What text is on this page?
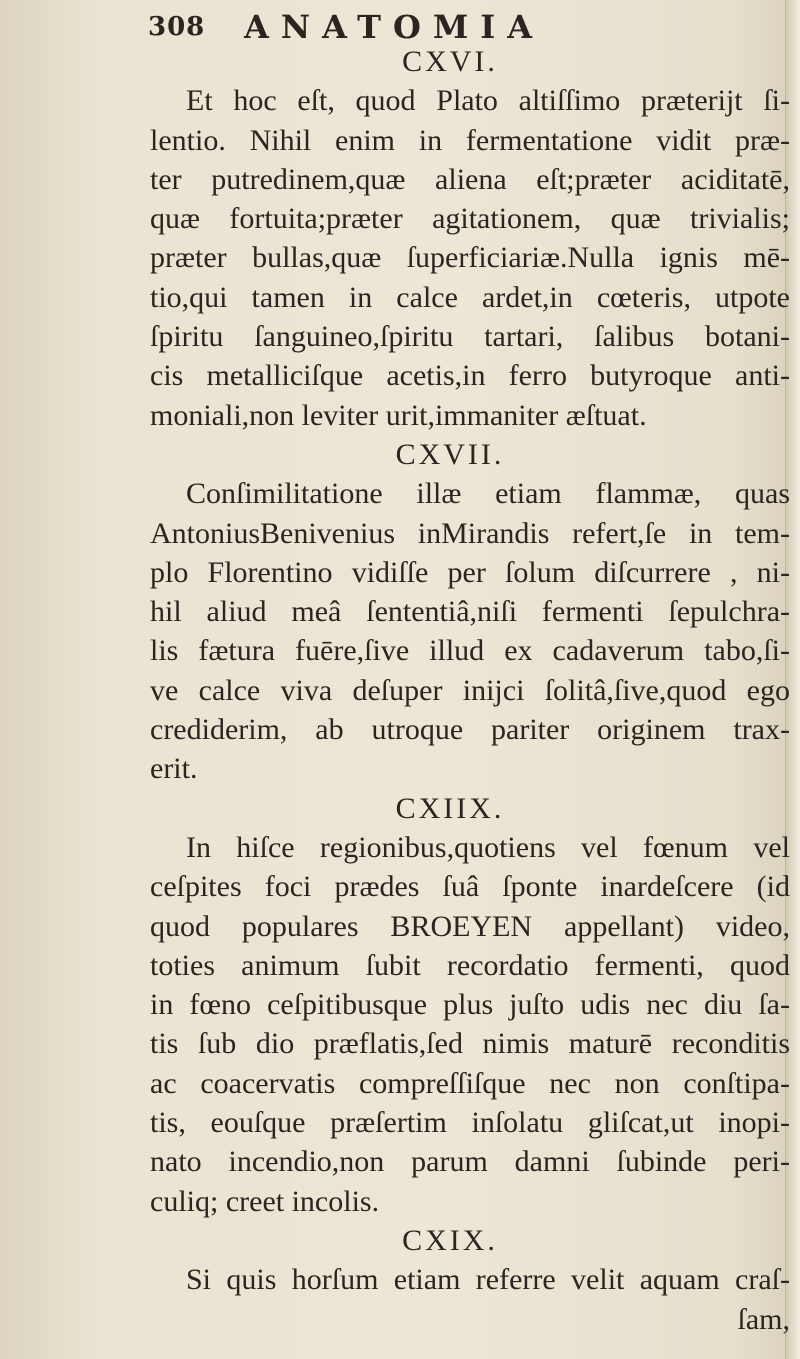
308 ANATOMIA
CXVI.
Et hoc eſt, quod Plato altiſſimo præterijt ſi-
lentio. Nihil enim in fermentatione vidit præ-
ter putredinem,quæ aliena eſt;præter aciditatē,
quæ fortuita;præter agitationem, quæ trivialis;
præter bullas,quæ ſuperficiariæ.Nulla ignis mē-
tio,qui tamen in calce ardet,in cœteris, utpote
ſpiritu ſanguineo,ſpiritu tartari, ſalibus botani-
cis metalliciſque acetis,in ferro butyroque anti-
moniali,non leviter urit,immaniter æſtuat.
CXVII.
Conſimilitatione illæ etiam flammæ, quas
AntoniusBenivenius inMirandis refert,ſe in tem-
plo Florentino vidiſſe per ſolum diſcurrere , ni-
hil aliud meâ ſententiâ,niſi fermenti ſepulchra-
lis fætura fuēre,ſive illud ex cadaverum tabo,ſi-
ve calce viva deſuper inijci ſolitâ,ſive,quod ego
crediderim, ab utroque pariter originem trax-
erit.
CXIIX.
In hiſce regionibus,quotiens vel fœnum vel
ceſpites foci prædes ſuâ ſponte inardeſcere (id
quod populares BROEYEN appellant) video,
toties animum ſubit recordatio fermenti, quod
in fœno ceſpitibusque plus juſto udis nec diu ſa-
tis ſub dio præflatis,ſed nimis maturē reconditis
ac coacervatis compreſſiſque nec non conſtipa-
tis, eouſque præſertim inſolatu gliſcat,ut inopi-
nato incendio,non parum damni ſubinde peri-
culiq; creet incolis.
CXIX.
Si quis horſum etiam referre velit aquam craſ-
ſam,
